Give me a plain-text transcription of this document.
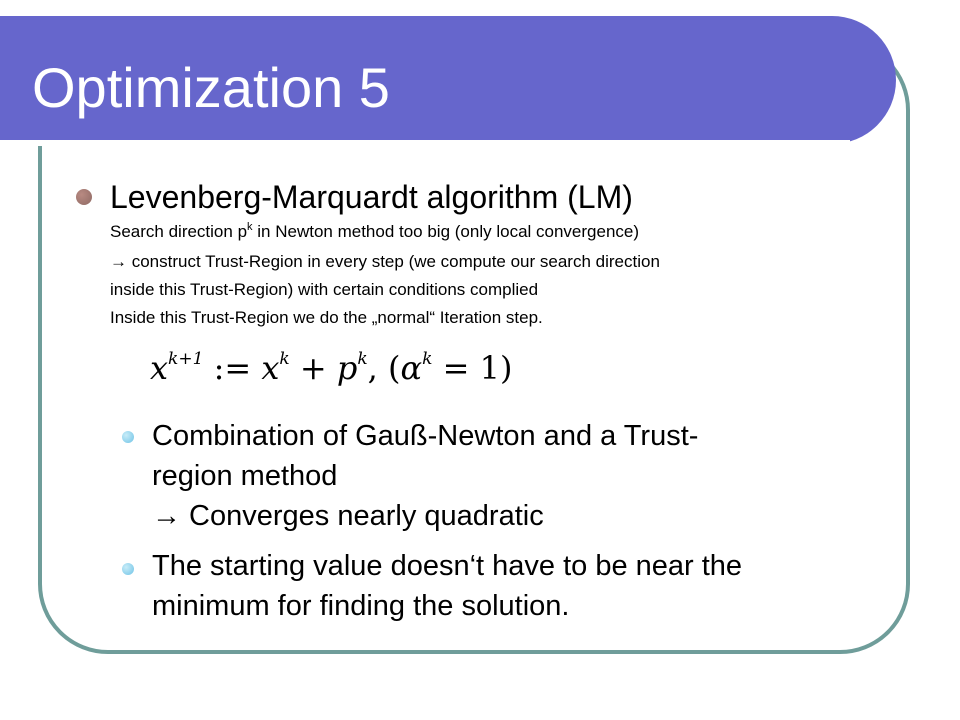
Optimization 5
Levenberg-Marquardt algorithm (LM)
Search direction $p^k$ in Newton method too big (only local convergence)
→ construct Trust-Region in every step (we compute our search direction
inside this Trust-Region) with certain conditions complied
Inside this Trust-Region we do the „normal“ Iteration step.
$x^{k+1}$ := $x^k + p^k$, $(\alpha^k = 1)$
Combination of Gauß-Newton and a Trust-
region method
→ Converges nearly quadratic
The starting value doesn‘t have to be near the
minimum for finding the solution.
